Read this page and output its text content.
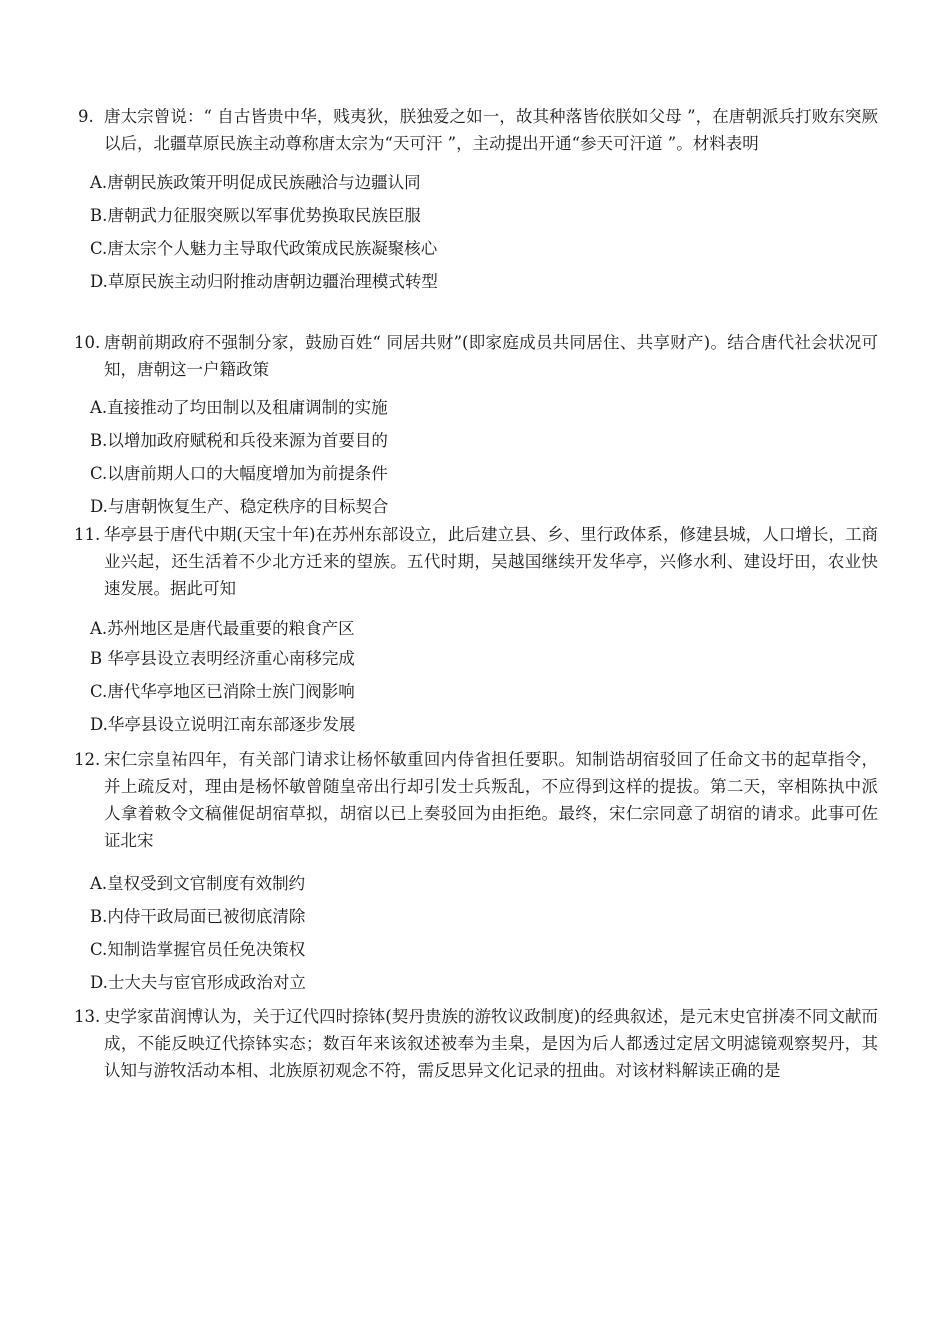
9. 唐太宗曾说：“ 自古皆贵中华，贱夷狄，朕独爱之如一，故其种落皆依朕如父母 ”，在唐朝派兵打败东突厥以后，北疆草原民族主动尊称唐太宗为“天可汗 ”，主动提出开通“参天可汗道 ”。材料表明

A.唐朝民族政策开明促成民族融洽与边疆认同
B.唐朝武力征服突厥以军事优势换取民族臣服
C.唐太宗个人魅力主导取代政策成民族凝聚核心
D.草原民族主动归附推动唐朝边疆治理模式转型

10. 唐朝前期政府不强制分家，鼓励百姓“ 同居共财”(即家庭成员共同居住、共享财产)。结合唐代社会状况可知，唐朝这一户籍政策

A.直接推动了均田制以及租庸调制的实施
B.以增加政府赋税和兵役来源为首要目的
C.以唐前期人口的大幅度增加为前提条件
D.与唐朝恢复生产、稳定秩序的目标契合

11. 华亭县于唐代中期(天宝十年)在苏州东部设立，此后建立县、乡、里行政体系，修建县城，人口增长，工商业兴起，还生活着不少北方迁来的望族。五代时期，吴越国继续开发华亭，兴修水利、建设圩田，农业快速发展。据此可知

A.苏州地区是唐代最重要的粮食产区
B 华亭县设立表明经济重心南移完成
C.唐代华亭地区已消除士族门阀影响
D.华亭县设立说明江南东部逐步发展

12. 宋仁宗皇祐四年，有关部门请求让杨怀敏重回内侍省担任要职。知制诰胡宿驳回了任命文书的起草指令，并上疏反对，理由是杨怀敏曾随皇帝出行却引发士兵叛乱，不应得到这样的提拔。第二天，宰相陈执中派人拿着敕令文稿催促胡宿草拟，胡宿以已上奏驳回为由拒绝。最终，宋仁宗同意了胡宿的请求。此事可佐证北宋

A.皇权受到文官制度有效制约
B.内侍干政局面已被彻底清除
C.知制诰掌握官员任免决策权
D.士大夫与宦官形成政治对立

13. 史学家苗润博认为，关于辽代四时捺钵(契丹贵族的游牧议政制度)的经典叙述，是元末史官拼凑不同文献而成，不能反映辽代捺钵实态；数百年来该叙述被奉为圭臬，是因为后人都透过定居文明滤镜观察契丹，其认知与游牧活动本相、北族原初观念不符，需反思异文化记录的扭曲。对该材料解读正确的是
